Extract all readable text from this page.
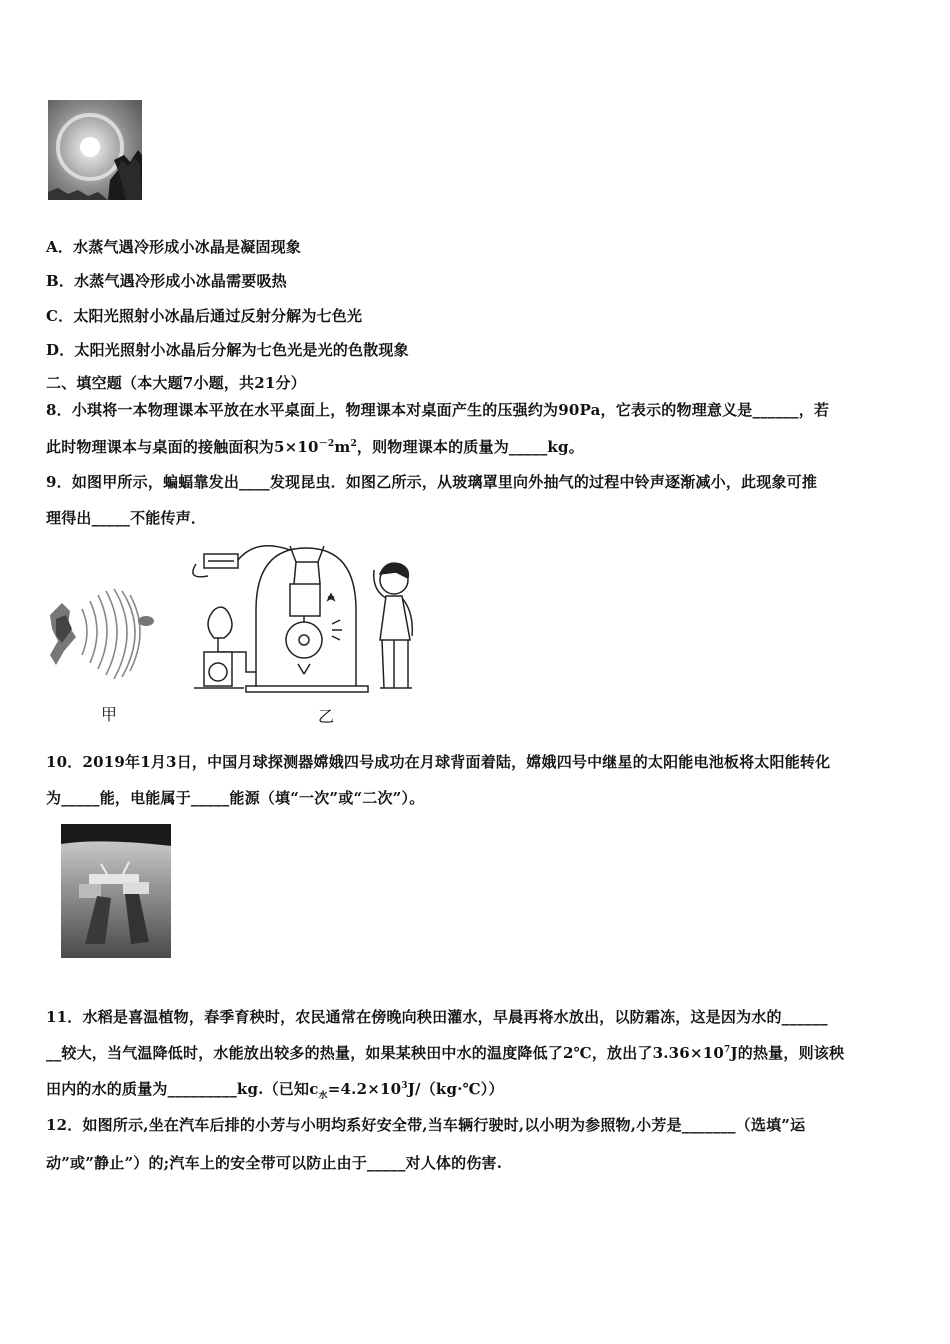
A．水蒸气遇冷形成小冰晶是凝固现象
B．水蒸气遇冷形成小冰晶需要吸热
C．太阳光照射小冰晶后通过反射分解为七色光
D．太阳光照射小冰晶后分解为七色光是光的色散现象
二、填空题（本大题7小题，共21分）
8．小琪将一本物理课本平放在水平桌面上，物理课本对桌面产生的压强约为90Pa，它表示的物理意义是______，若
此时物理课本与桌面的接触面积为$5\times 10^{-2}m^2$，则物理课本的质量为_____kg。
9．如图甲所示，蝙蝠靠发出____发现昆虫．如图乙所示，从玻璃罩里向外抽气的过程中铃声逐渐减小，此现象可推
理得出_____不能传声．
甲	乙
10．2019年1月3日，中国月球探测器嫦娥四号成功在月球背面着陆，嫦娥四号中继星的太阳能电池板将太阳能转化
为_____能，电能属于_____能源（填“一次”或“二次”）。
11．水稻是喜温植物，春季育秧时，农民通常在傍晚向秧田灌水，早晨再将水放出，以防霜冻，这是因为水的______
__较大，当气温降低时，水能放出较多的热量，如果某秧田中水的温度降低了2℃，放出了$3.36\times 10^7J$的热量，则该秧
田内的水的质量为_________kg.（已知$c_水=4.2\times 10^3J/(kg\cdot℃)$）
12．如图所示,坐在汽车后排的小芳与小明均系好安全带,当车辆行驶时,以小明为参照物,小芳是_______（选填”运
动”或”静止”）的;汽车上的安全带可以防止由于_____对人体的伤害.
